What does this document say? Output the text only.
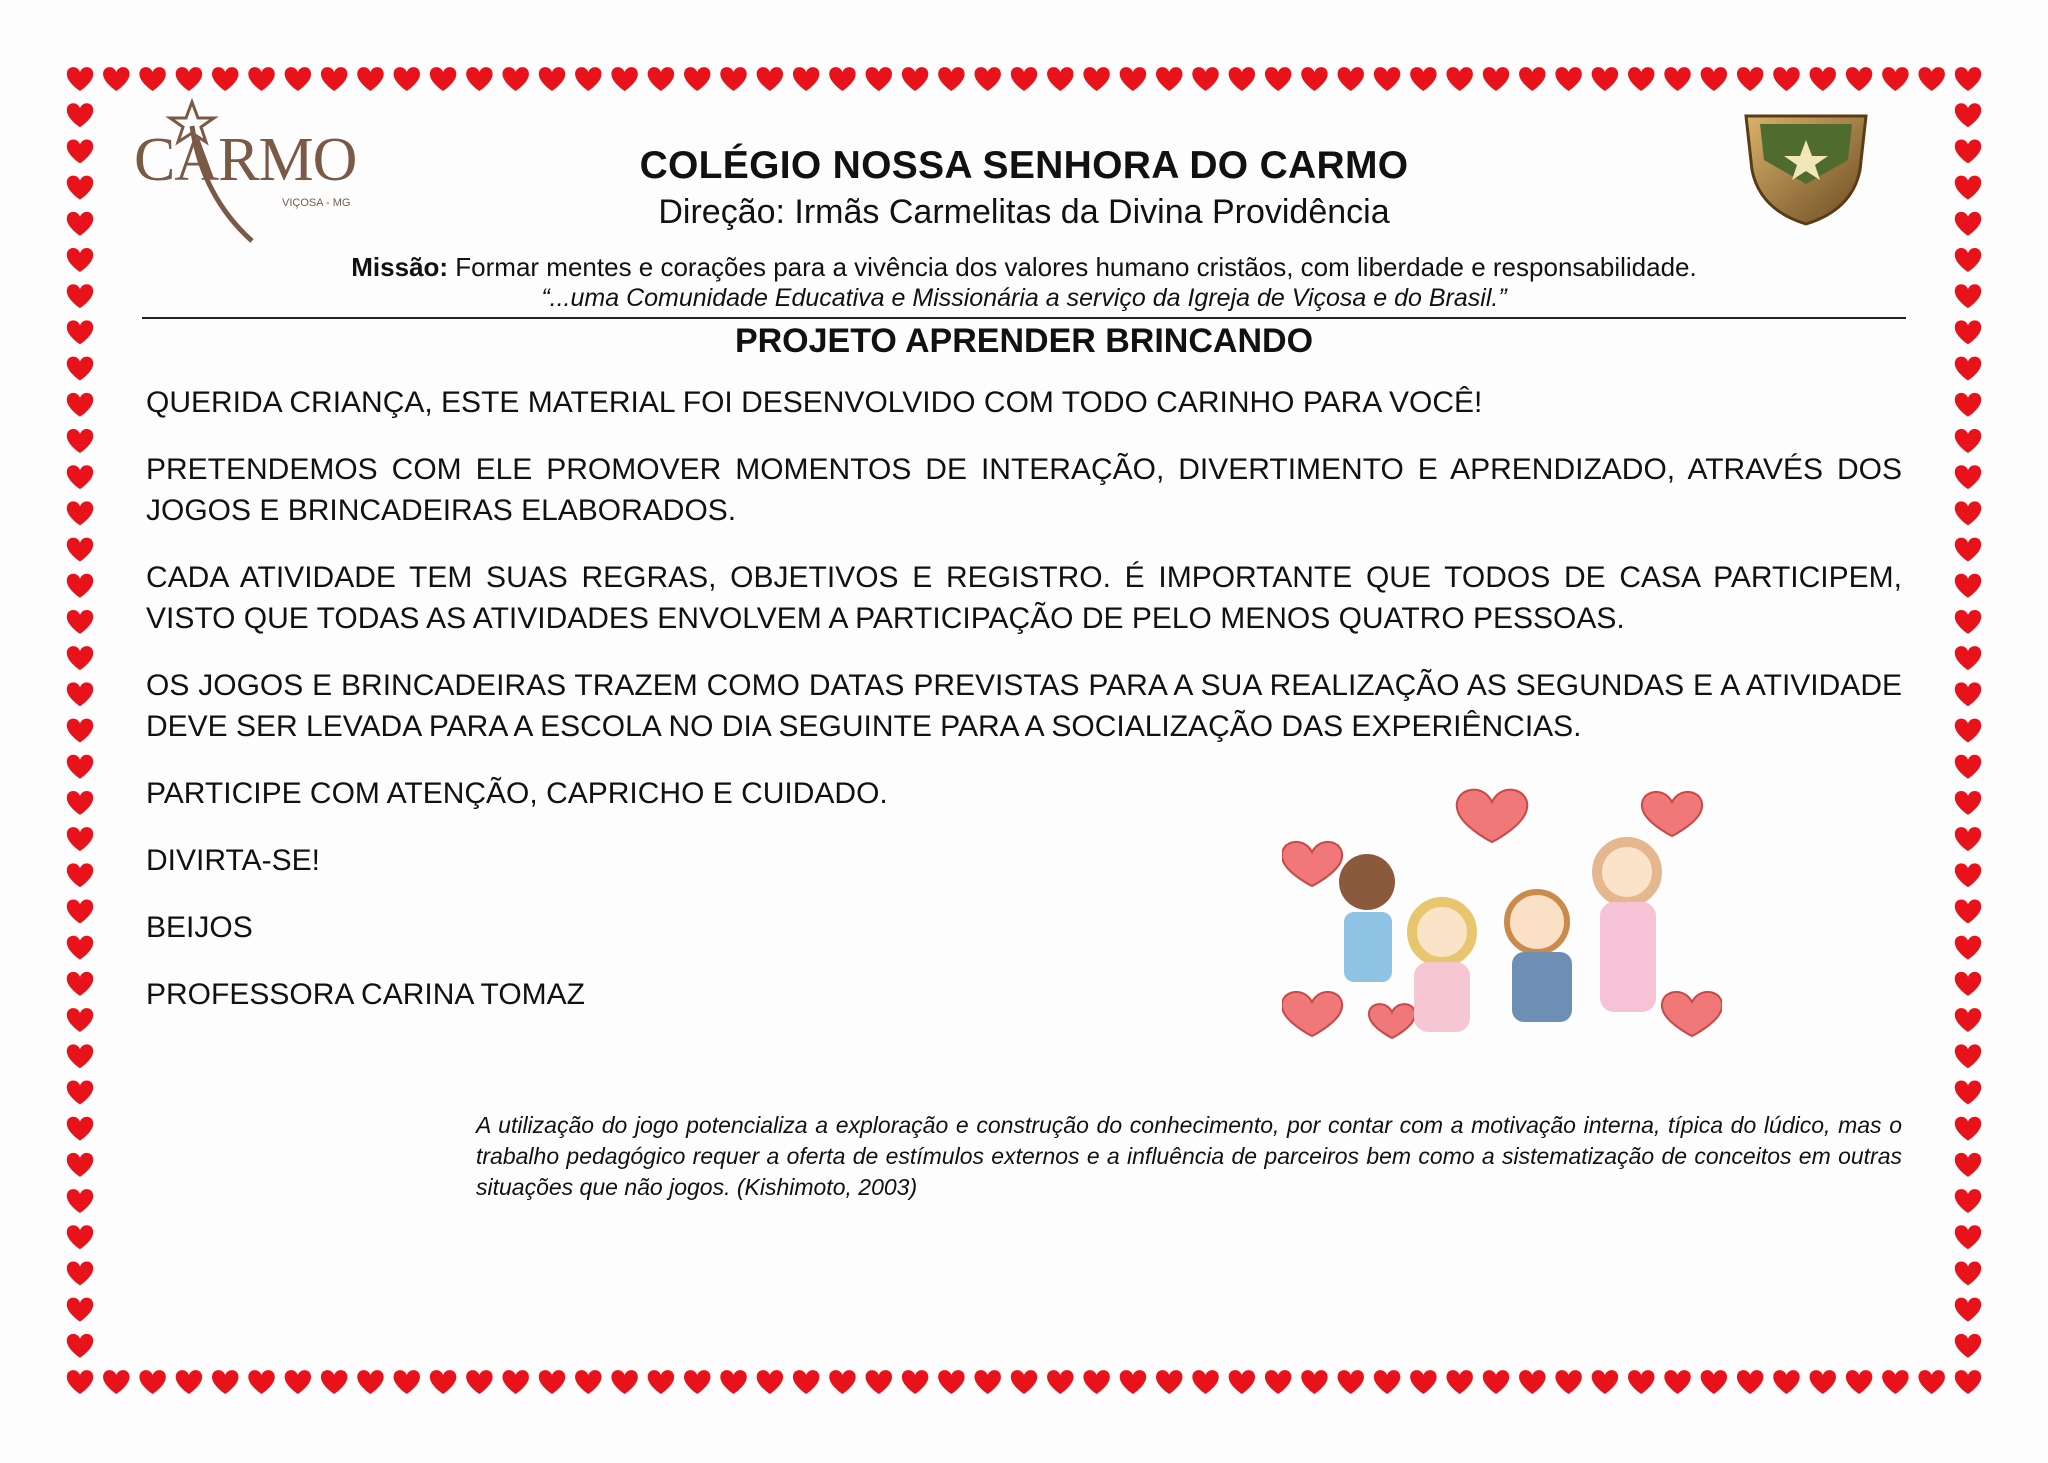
CARMO
VIÇOSA - MG
COLÉGIO NOSSA SENHORA DO CARMO
Direção: Irmãs Carmelitas da Divina Providência
Missão: Formar mentes e corações para a vivência dos valores humano cristãos, com liberdade e responsabilidade.
“...uma Comunidade Educativa e Missionária a serviço da Igreja de Viçosa e do Brasil.”
PROJETO APRENDER BRINCANDO

QUERIDA CRIANÇA, ESTE MATERIAL FOI DESENVOLVIDO COM TODO CARINHO PARA VOCÊ!

PRETENDEMOS COM ELE PROMOVER MOMENTOS DE INTERAÇÃO, DIVERTIMENTO E APRENDIZADO, ATRAVÉS DOS JOGOS E BRINCADEIRAS ELABORADOS.

CADA ATIVIDADE TEM SUAS REGRAS, OBJETIVOS E REGISTRO. É IMPORTANTE QUE TODOS DE CASA PARTICIPEM, VISTO QUE TODAS AS ATIVIDADES ENVOLVEM A PARTICIPAÇÃO DE PELO MENOS QUATRO PESSOAS.

OS JOGOS E BRINCADEIRAS TRAZEM COMO DATAS PREVISTAS PARA A SUA REALIZAÇÃO AS SEGUNDAS E A ATIVIDADE DEVE SER LEVADA PARA A ESCOLA NO DIA SEGUINTE PARA A SOCIALIZAÇÃO DAS EXPERIÊNCIAS.

PARTICIPE COM ATENÇÃO, CAPRICHO E CUIDADO.

DIVIRTA-SE!

BEIJOS

PROFESSORA CARINA TOMAZ

A utilização do jogo potencializa a exploração e construção do conhecimento, por contar com a motivação interna, típica do lúdico, mas o trabalho pedagógico requer a oferta de estímulos externos e a influência de parceiros bem como a sistematização de conceitos em outras situações que não jogos. (Kishimoto, 2003)
